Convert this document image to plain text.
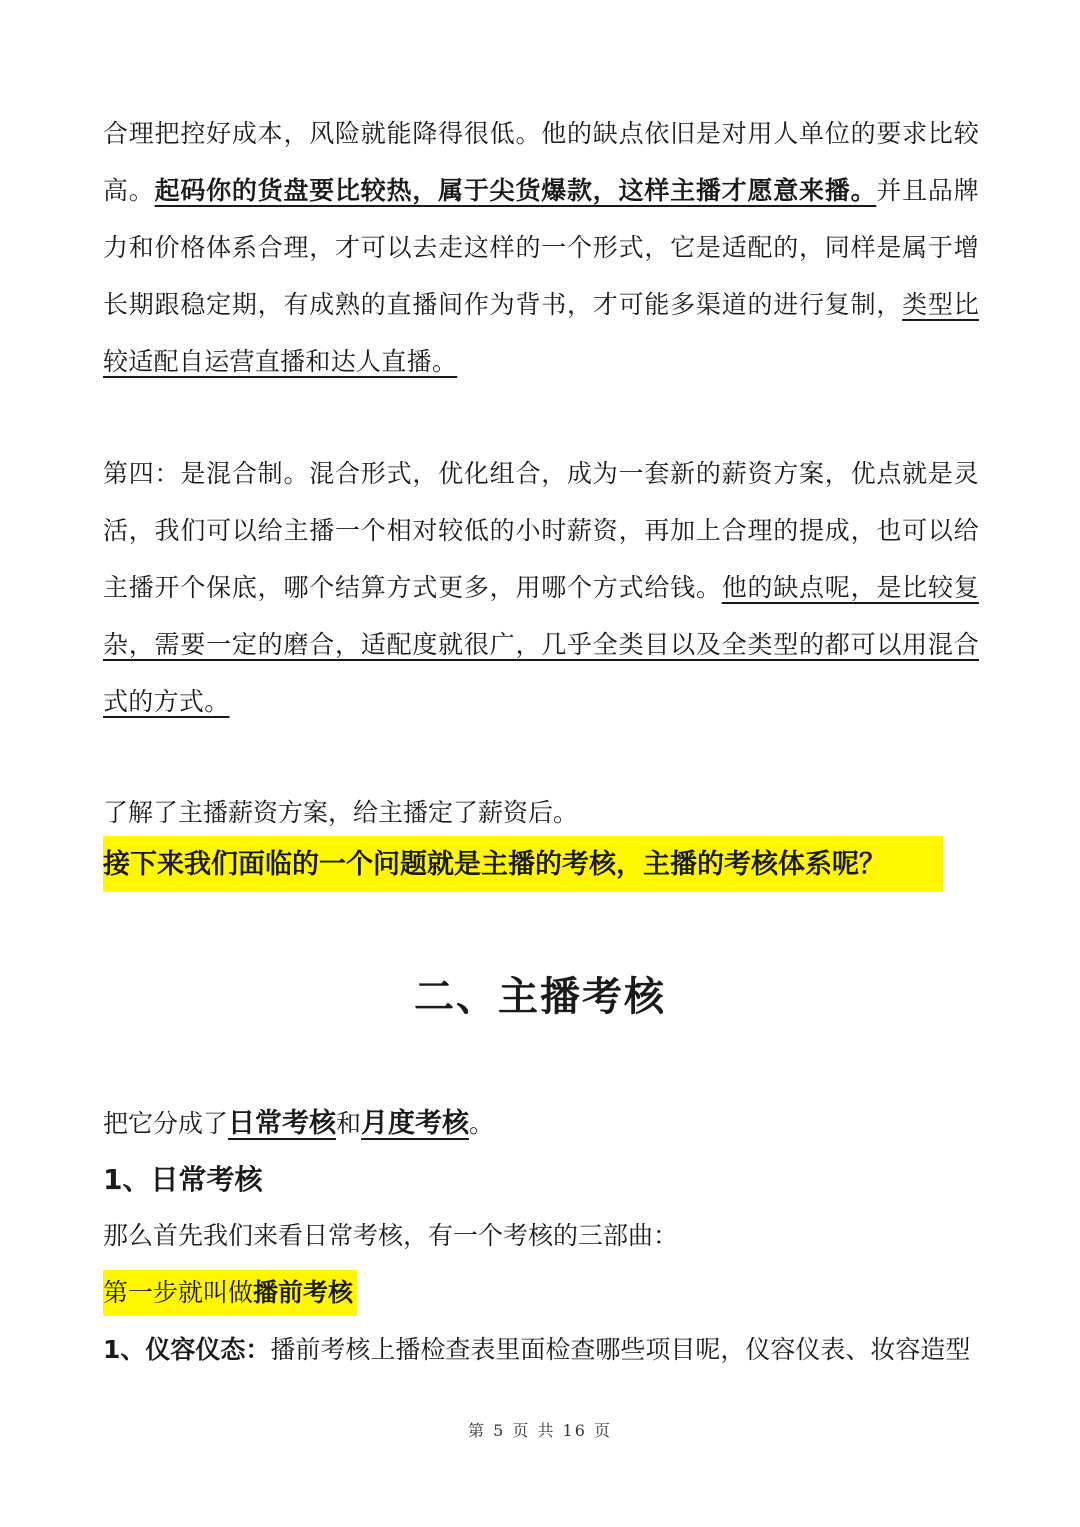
合理把控好成本，风险就能降得很低。他的缺点依旧是对用人单位的要求比较高。起码你的货盘要比较热，属于尖货爆款，这样主播才愿意来播。并且品牌力和价格体系合理，才可以去走这样的一个形式，它是适配的，同样是属于增长期跟稳定期，有成熟的直播间作为背书，才可能多渠道的进行复制，类型比较适配自运营直播和达人直播。
第四：是混合制。混合形式，优化组合，成为一套新的薪资方案，优点就是灵活，我们可以给主播一个相对较低的小时薪资，再加上合理的提成，也可以给主播开个保底，哪个结算方式更多，用哪个方式给钱。他的缺点呢，是比较复杂，需要一定的磨合，适配度就很广，几乎全类目以及全类型的都可以用混合式的方式。
了解了主播薪资方案，给主播定了薪资后。
接下来我们面临的一个问题就是主播的考核，主播的考核体系呢？
二、主播考核
把它分成了日常考核和月度考核。
1、日常考核
那么首先我们来看日常考核，有一个考核的三部曲：
第一步就叫做播前考核
1、仪容仪态：播前考核上播检查表里面检查哪些项目呢，仪容仪表、妆容造型
第 5 页 共 16 页
